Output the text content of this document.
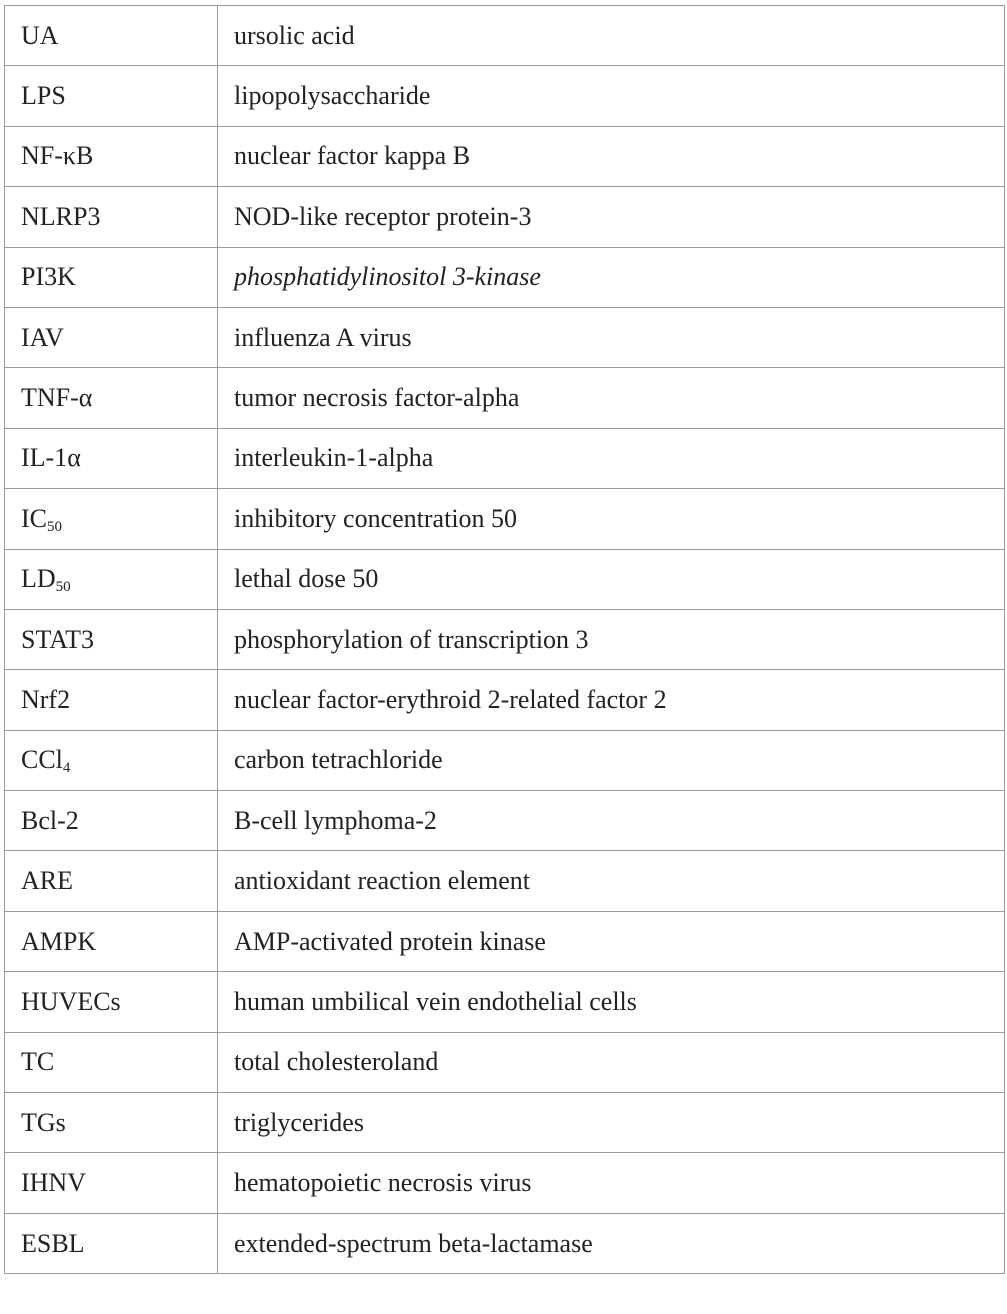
UA	ursolic acid
LPS	lipopolysaccharide
NF-κB	nuclear factor kappa B
NLRP3	NOD-like receptor protein-3
PI3K	phosphatidylinositol 3-kinase
IAV	influenza A virus
TNF-α	tumor necrosis factor-alpha
IL-1α	interleukin-1-alpha
$IC_{50}$	inhibitory concentration 50
$LD_{50}$	lethal dose 50
STAT3	phosphorylation of transcription 3
Nrf2	nuclear factor-erythroid 2-related factor 2
CCl$_4$	carbon tetrachloride
Bcl-2	B-cell lymphoma-2
ARE	antioxidant reaction element
AMPK	AMP-activated protein kinase
HUVECs	human umbilical vein endothelial cells
TC	total cholesteroland
TGs	triglycerides
IHNV	hematopoietic necrosis virus
ESBL	extended-spectrum beta-lactamase
